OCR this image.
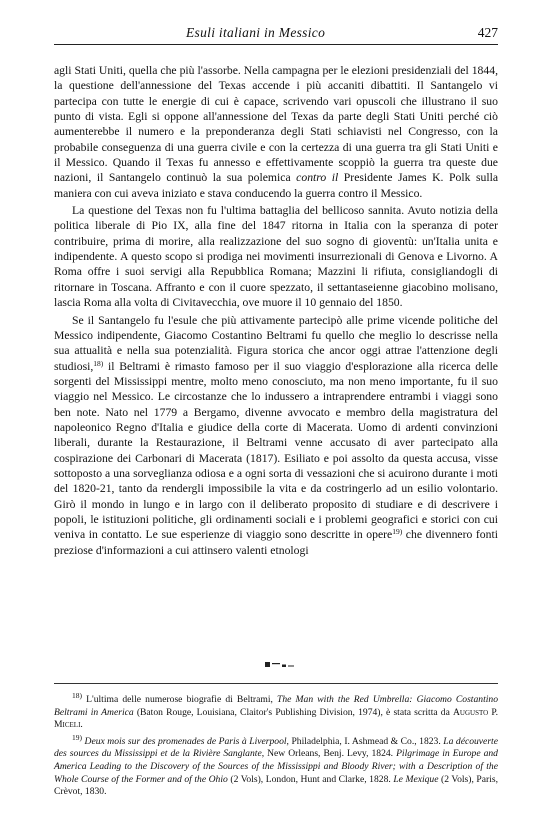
Esuli italiani in Messico	427

agli Stati Uniti, quella che più l'assorbe. Nella campagna per le elezioni presidenziali del 1844, la questione dell'annessione del Texas accende i più accaniti dibattiti. Il Santangelo vi partecipa con tutte le energie di cui è capace, scrivendo vari opuscoli che illustrano il suo punto di vista. Egli si oppone all'annessione del Texas da parte degli Stati Uniti perché ciò aumenterebbe il numero e la preponderanza degli Stati schiavisti nel Congresso, con la probabile conseguenza di una guerra civile e con la certezza di una guerra tra gli Stati Uniti e il Messico. Quando il Texas fu annesso e effettivamente scoppiò la guerra tra queste due nazioni, il Santangelo continuò la sua polemica contro il Presidente James K. Polk sulla maniera con cui aveva iniziato e stava conducendo la guerra contro il Messico.

La questione del Texas non fu l'ultima battaglia del bellicoso sannita. Avuto notizia della politica liberale di Pio IX, alla fine del 1847 ritorna in Italia con la speranza di poter contribuire, prima di morire, alla realizzazione del suo sogno di gioventù: un'Italia unita e indipendente. A questo scopo si prodiga nei movimenti insurrezionali di Genova e Livorno. A Roma offre i suoi servigi alla Repubblica Romana; Mazzini li rifiuta, consigliandogli di ritornare in Toscana. Affranto e con il cuore spezzato, il settantaseienne giacobino molisano, lascia Roma alla volta di Civitavecchia, ove muore il 10 gennaio del 1850.

Se il Santangelo fu l'esule che più attivamente partecipò alle prime vicende politiche del Messico indipendente, Giacomo Costantino Beltrami fu quello che meglio lo descrisse nella sua attualità e nella sua potenzialità. Figura storica che ancor oggi attrae l'attenzione degli studiosi,$^{18)}$ il Beltrami è rimasto famoso per il suo viaggio d'esplorazione alla ricerca delle sorgenti del Mississippi mentre, molto meno conosciuto, ma non meno importante, fu il suo viaggio nel Messico. Le circostanze che lo indussero a intraprendere entrambi i viaggi sono ben note. Nato nel 1779 a Bergamo, divenne avvocato e membro della magistratura del napoleonico Regno d'Italia e giudice della corte di Macerata. Uomo di ardenti convinzioni liberali, durante la Restaurazione, il Beltrami venne accusato di aver partecipato alla cospirazione dei Carbonari di Macerata (1817). Esiliato e poi assolto da questa accusa, visse sottoposto a una sorveglianza odiosa e a ogni sorta di vessazioni che si acuirono durante i moti del 1820-21, tanto da rendergli impossibile la vita e da costringerlo ad un esilio volontario. Girò il mondo in lungo e in largo con il deliberato proposito di studiare e di descrivere i popoli, le istituzioni politiche, gli ordinamenti sociali e i problemi geografici e storici con cui veniva in contatto. Le sue esperienze di viaggio sono descritte in opere$^{19)}$ che divennero fonti preziose d'informazioni a cui attinsero valenti etnologi

$^{18)}$ L'ultima delle numerose biografie di Beltrami, The Man with the Red Umbrella: Giacomo Costantino Beltrami in America (Baton Rouge, Louisiana, Claitor's Publishing Division, 1974), è stata scritta da Augusto P. Miceli.

$^{19)}$ Deux mois sur des promenades de Paris à Liverpool, Philadelphia, I. Ashmead & Co., 1823. La découverte des sources du Mississippi et de la Rivière Sanglante, New Orleans, Benj. Levy, 1824. Pilgrimage in Europe and America Leading to the Discovery of the Sources of the Mississippi and Bloody River; with a Description of the Whole Course of the Former and of the Ohio (2 Vols), London, Hunt and Clarke, 1828. Le Mexique (2 Vols), Paris, Crèvot, 1830.
